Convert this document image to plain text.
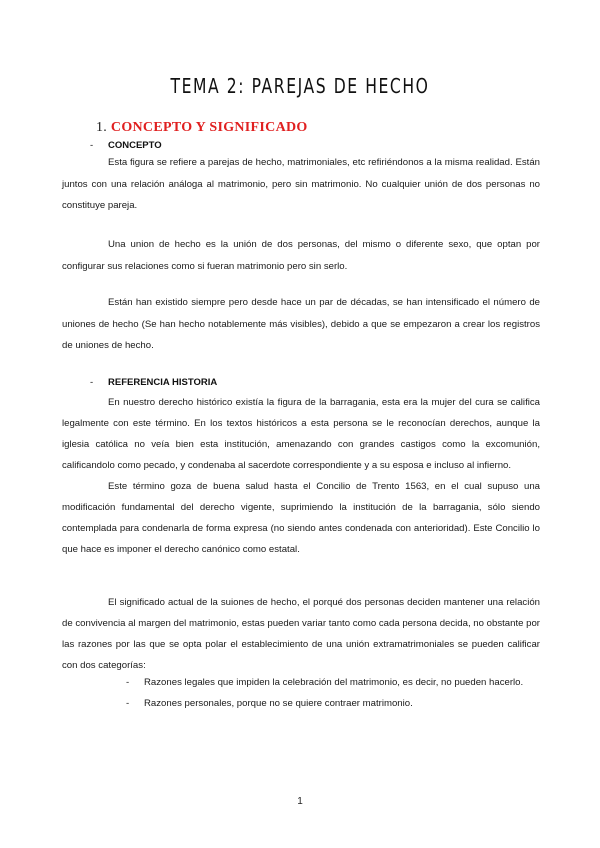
TEMA 2: PAREJAS DE HECHO
1. CONCEPTO Y SIGNIFICADO
- CONCEPTO
Esta figura se refiere a parejas de hecho, matrimoniales, etc refiriéndonos a la misma realidad. Están juntos con una relación análoga al matrimonio, pero sin matrimonio. No cualquier unión de dos personas no constituye pareja.
Una union de hecho es la unión de dos personas, del mismo o diferente sexo, que optan por configurar sus relaciones como si fueran matrimonio pero sin serlo.
Están han existido siempre pero desde hace un par de décadas, se han intensificado el número de uniones de hecho (Se han hecho notablemente más visibles), debido a que se empezaron a crear los registros de uniones de hecho.
- REFERENCIA HISTORIA

En nuestro derecho histórico existía la figura de la barragania, esta era la mujer del cura se califica legalmente con este término. En los textos históricos a esta persona se le reconocían derechos, aunque la iglesia católica no veía bien esta institución, amenazando con grandes castigos como la excomunión, calificandolo como pecado, y condenaba al sacerdote correspondiente y a su esposa e incluso al infierno.

Este término goza de buena salud hasta el Concilio de Trento 1563, en el cual supuso una modificación fundamental del derecho vigente, suprimiendo la institución de la barragania, sólo siendo contemplada para condenarla de forma expresa (no siendo antes condenada con anterioridad). Este Concilio lo que hace es imponer el derecho canónico como estatal.

El significado actual de la suiones de hecho, el porqué dos personas deciden mantener una relación de convivencia al margen del matrimonio, estas pueden variar tanto como cada persona decida, no obstante por las razones por las que se opta polar el establecimiento de una unión extramatrimoniales se pueden calificar con dos categorías:
- Razones legales que impiden la celebración del matrimonio, es decir, no pueden hacerlo.
- Razones personales, porque no se quiere contraer matrimonio.
1
